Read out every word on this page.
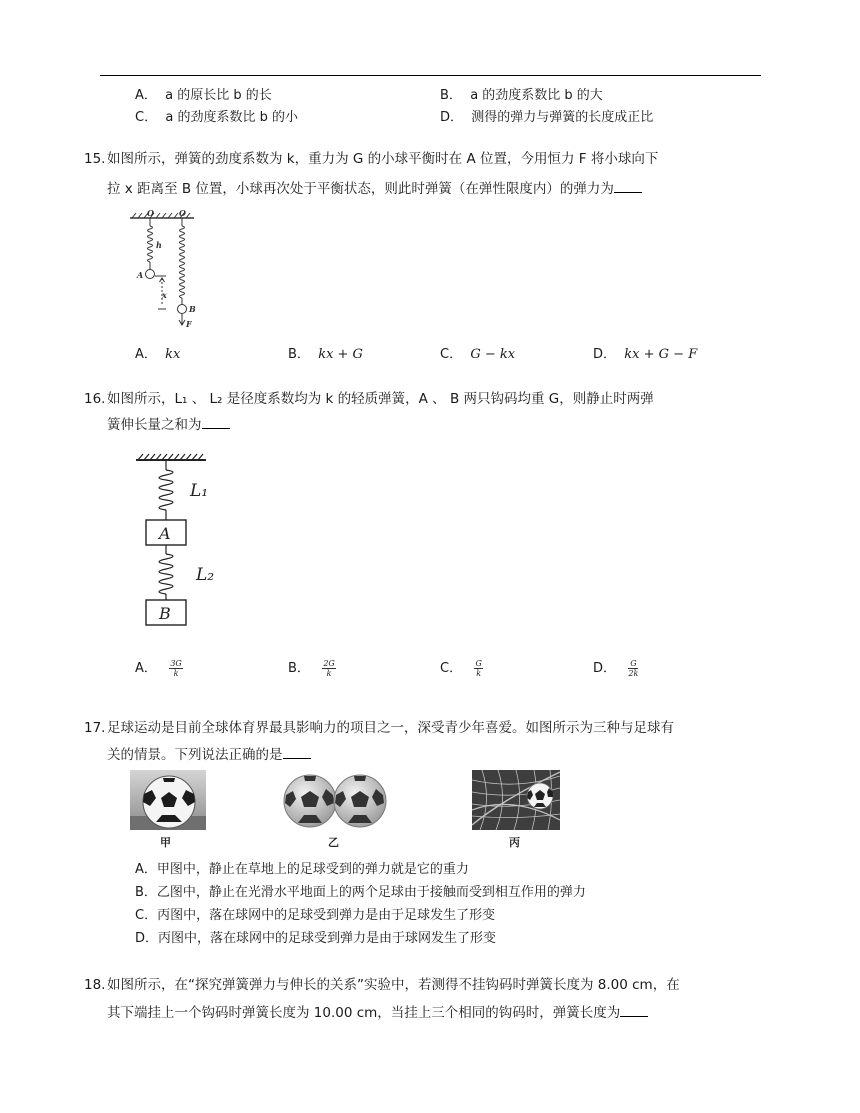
A． a 的原长比 b 的长	B． a 的劲度系数比 b 的大
C． a 的劲度系数比 b 的小	D． 测得的弹力与弹簧的长度成正比
15. 如图所示，弹簧的劲度系数为 k，重力为 G 的小球平衡时在 A 位置，今用恒力 F 将小球向下
拉 x 距离至 B 位置，小球再次处于平衡状态，则此时弹簧（在弹性限度内）的弹力为
O	O
h
A
x
B
F
A． kx	B． kx + G	C． G − kx	D． kx + G − F
16. 如图所示，L₁ 、 L₂ 是径度系数均为 k 的轻质弹簧，A 、 B 两只钩码均重 G，则静止时两弹
簧伸长量之和为
L₁
L₂
A
B
A． $\frac{3G}{k}$	B． $\frac{2G}{k}$	C． $\frac{G}{k}$	D． $\frac{G}{2k}$
17. 足球运动是目前全球体育界最具影响力的项目之一，深受青少年喜爱。如图所示为三种与足球有
关的情景。下列说法正确的是
甲	乙	丙
A．甲图中，静止在草地上的足球受到的弹力就是它的重力
B．乙图中，静止在光滑水平地面上的两个足球由于接触而受到相互作用的弹力
C．丙图中，落在球网中的足球受到弹力是由于足球发生了形变
D．丙图中，落在球网中的足球受到弹力是由于球网发生了形变
18. 如图所示，在“探究弹簧弹力与伸长的关系”实验中，若测得不挂钩码时弹簧长度为 8.00 cm，在
其下端挂上一个钩码时弹簧长度为 10.00 cm，当挂上三个相同的钩码时，弹簧长度为
